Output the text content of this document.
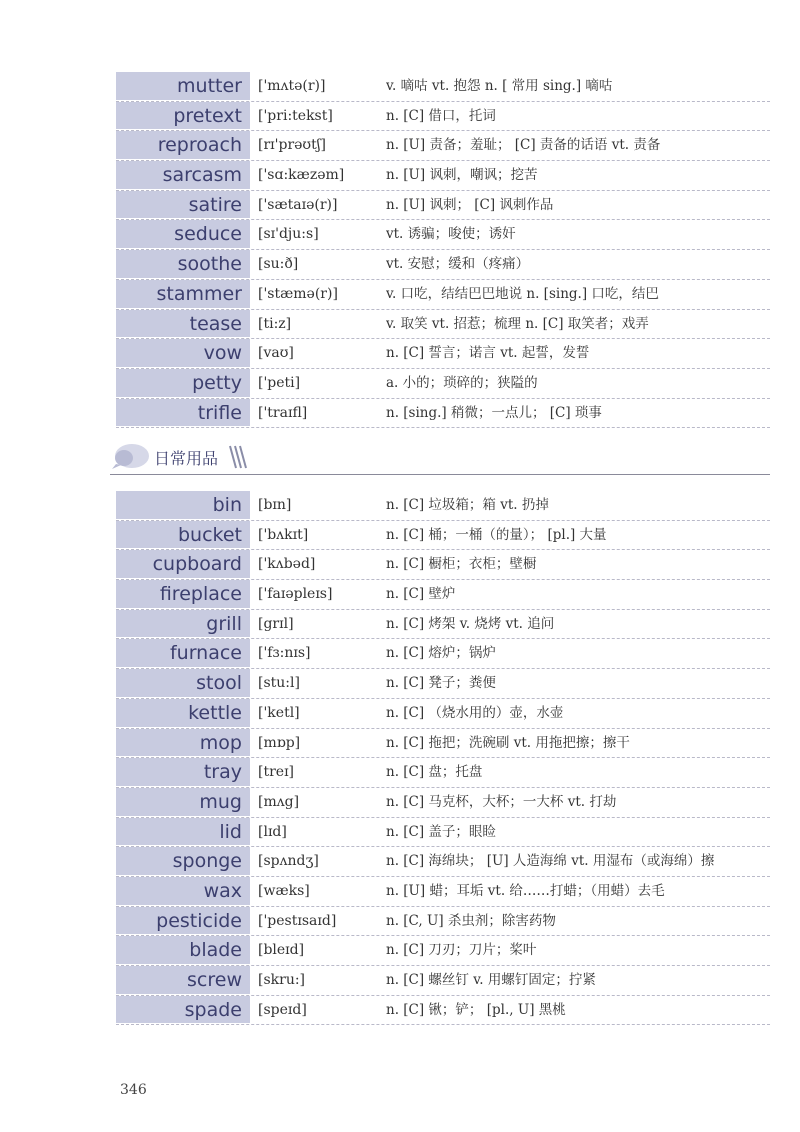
mutter	['mʌtə(r)]	v. 嘀咕 vt. 抱怨 n. [ 常用 sing.] 嘀咕
pretext	['pri:tekst]	n. [C] 借口，托词
reproach	[rɪ'prəʊtʃ]	n. [U] 责备；羞耻； [C] 责备的话语 vt. 责备
sarcasm	['sɑ:kæzəm]	n. [U] 讽刺，嘲讽；挖苦
satire	['sætaɪə(r)]	n. [U] 讽刺； [C] 讽刺作品
seduce	[sɪ'dju:s]	vt. 诱骗；唆使；诱奸
soothe	[su:ð]	vt. 安慰；缓和（疼痛）
stammer	['stæmə(r)]	v. 口吃，结结巴巴地说 n. [sing.] 口吃，结巴
tease	[ti:z]	v. 取笑 vt. 招惹；梳理 n. [C] 取笑者；戏弄
vow	[vaʊ]	n. [C] 誓言；诺言 vt. 起誓，发誓
petty	['peti]	a. 小的；琐碎的；狭隘的
trifle	['traɪfl]	n. [sing.] 稍微；一点儿； [C] 琐事
日常用品
bin	[bɪn]	n. [C] 垃圾箱；箱 vt. 扔掉
bucket	['bʌkɪt]	n. [C] 桶；一桶（的量）； [pl.] 大量
cupboard	['kʌbəd]	n. [C] 橱柜；衣柜；壁橱
fireplace	['faɪəpleɪs]	n. [C] 壁炉
grill	[grɪl]	n. [C] 烤架 v. 烧烤 vt. 追问
furnace	['fɜ:nɪs]	n. [C] 熔炉；锅炉
stool	[stu:l]	n. [C] 凳子；粪便
kettle	['ketl]	n. [C] （烧水用的）壶，水壶
mop	[mɒp]	n. [C] 拖把；洗碗刷 vt. 用拖把擦；擦干
tray	[treɪ]	n. [C] 盘；托盘
mug	[mʌg]	n. [C] 马克杯，大杯；一大杯 vt. 打劫
lid	[lɪd]	n. [C] 盖子；眼睑
sponge	[spʌndʒ]	n. [C] 海绵块； [U] 人造海绵 vt. 用湿布（或海绵）擦
wax	[wæks]	n. [U] 蜡；耳垢 vt. 给……打蜡；（用蜡）去毛
pesticide	['pestɪsaɪd]	n. [C, U] 杀虫剂；除害药物
blade	[bleɪd]	n. [C] 刀刃；刀片；桨叶
screw	[skru:]	n. [C] 螺丝钉 v. 用螺钉固定；拧紧
spade	[speɪd]	n. [C] 锹；铲； [pl., U] 黑桃
346
